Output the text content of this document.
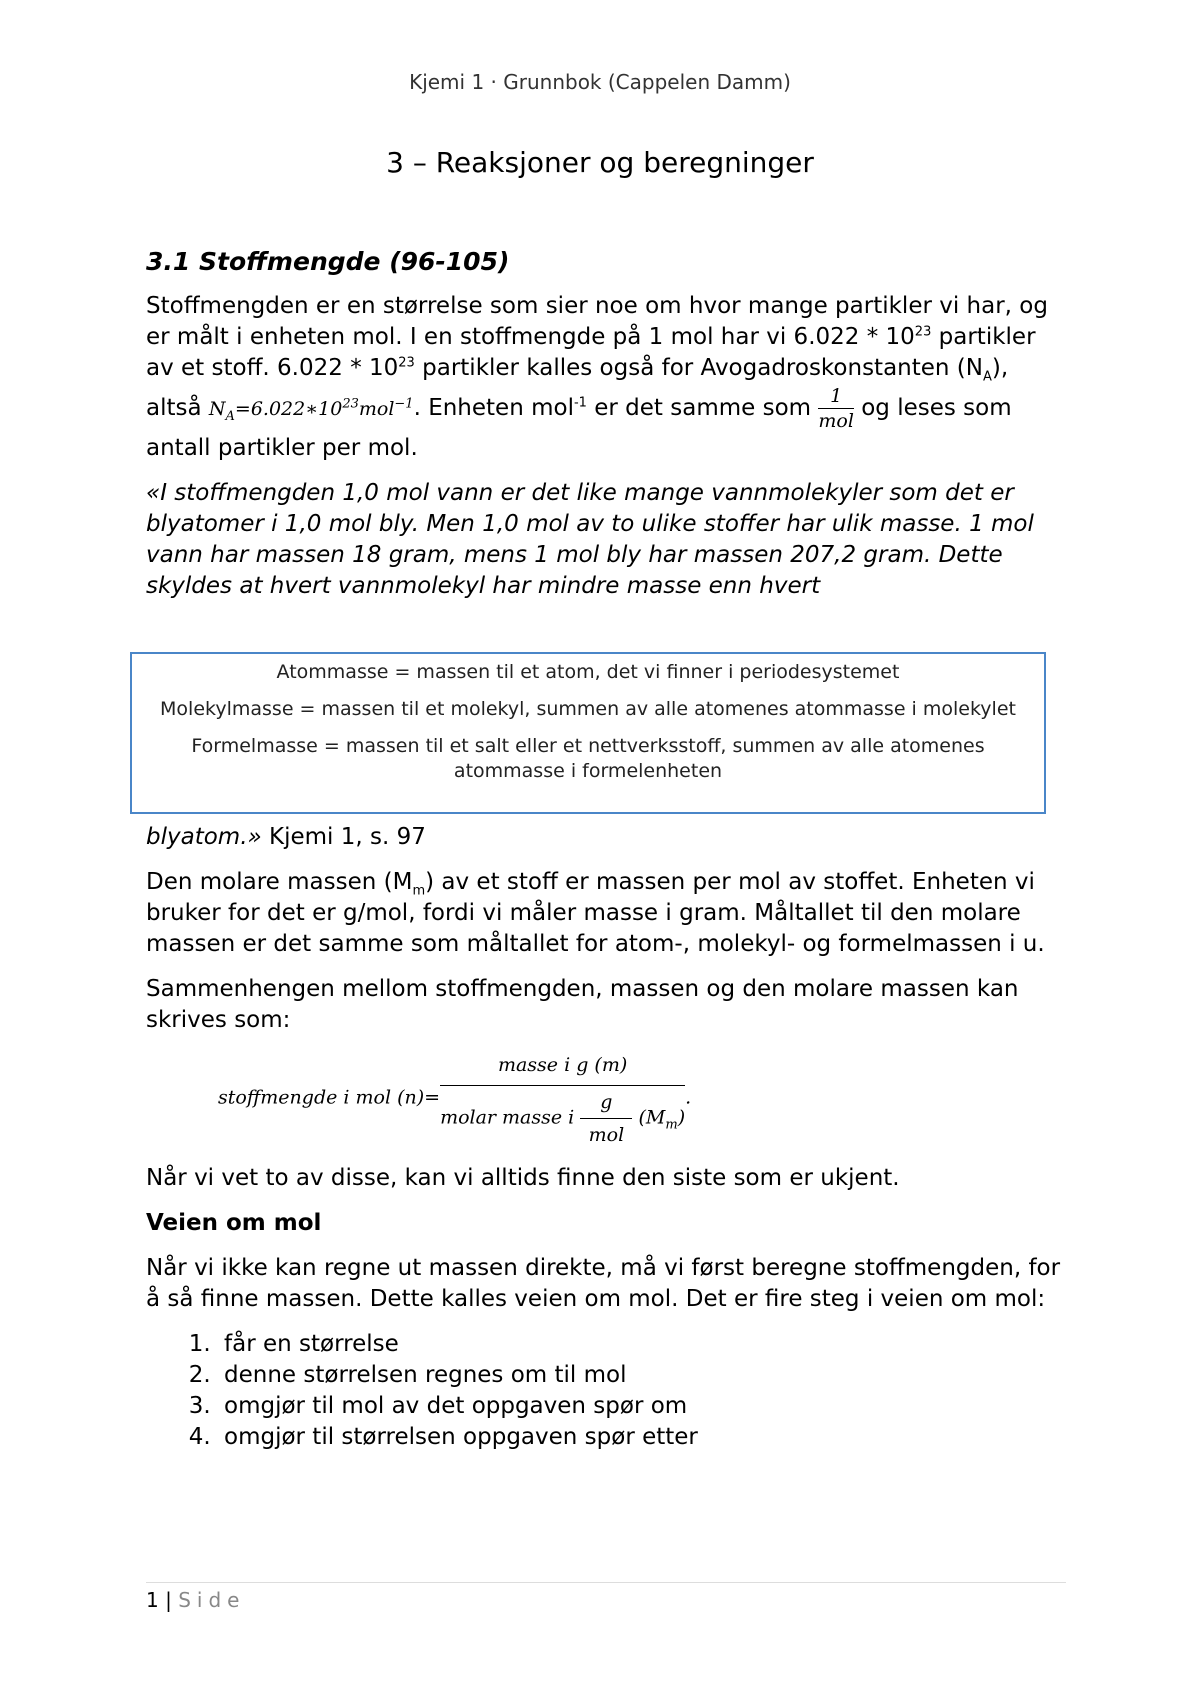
Kjemi 1 · Grunnbok (Cappelen Damm)
3 – Reaksjoner og beregninger
3.1 Stoffmengde (96-105)

Stoffmengden er en størrelse som sier noe om hvor mange partikler vi har, og er målt i enheten mol. I en stoffmengde på 1 mol har vi $6.022 * 10^{23}$ partikler av et stoff. $6.022 * 10^{23}$ partikler kalles også for Avogadroskonstanten $(N_A)$, altså $N_A=6.022∗10^{23}mol^{-1}$. Enheten mol$^{-1}$ er det samme som $\frac{1}{\text{mol}}$ og leses som antall partikler per mol.

«I stoffmengden 1,0 mol vann er det like mange vannmolekyler som det er blyatomer i 1,0 mol bly. Men 1,0 mol av to ulike stoffer har ulik masse. 1 mol vann har massen 18 gram, mens 1 mol bly har massen 207,2 gram. Dette skyldes at hvert vannmolekyl har mindre masse enn hvert

Atommasse = massen til et atom, det vi finner i periodesystemet

Molekylmasse = massen til et molekyl, summen av alle atomenes atommasse i molekylet

Formelmasse = massen til et salt eller et nettverksstoff, summen av alle atomenes atommasse i formelenheten

blyatom.» Kjemi 1, s. 97

Den molare massen $(M_m)$ av et stoff er massen per mol av stoffet. Enheten vi bruker for det er g/mol, fordi vi måler masse i gram. Måltallet til den molare massen er det samme som måltallet for atom-, molekyl- og formelmassen i u.

Sammenhengen mellom stoffmengden, massen og den molare massen kan skrives som:

stoffmengde i mol $(n)= \frac{\text{masse i g (m)}}{molar masse i \frac{g}{\text{mol}} (M_m)}$ .

Når vi vet to av disse, kan vi alltids finne den siste som er ukjent.

Veien om mol

Når vi ikke kan regne ut massen direkte, må vi først beregne stoffmengden, for å så finne massen. Dette kalles veien om mol. Det er fire steg i veien om mol:

1. får en størrelse
2. denne størrelsen regnes om til mol
3. omgjør til mol av det oppgaven spør om
4. omgjør til størrelsen oppgaven spør etter
1 | Side
